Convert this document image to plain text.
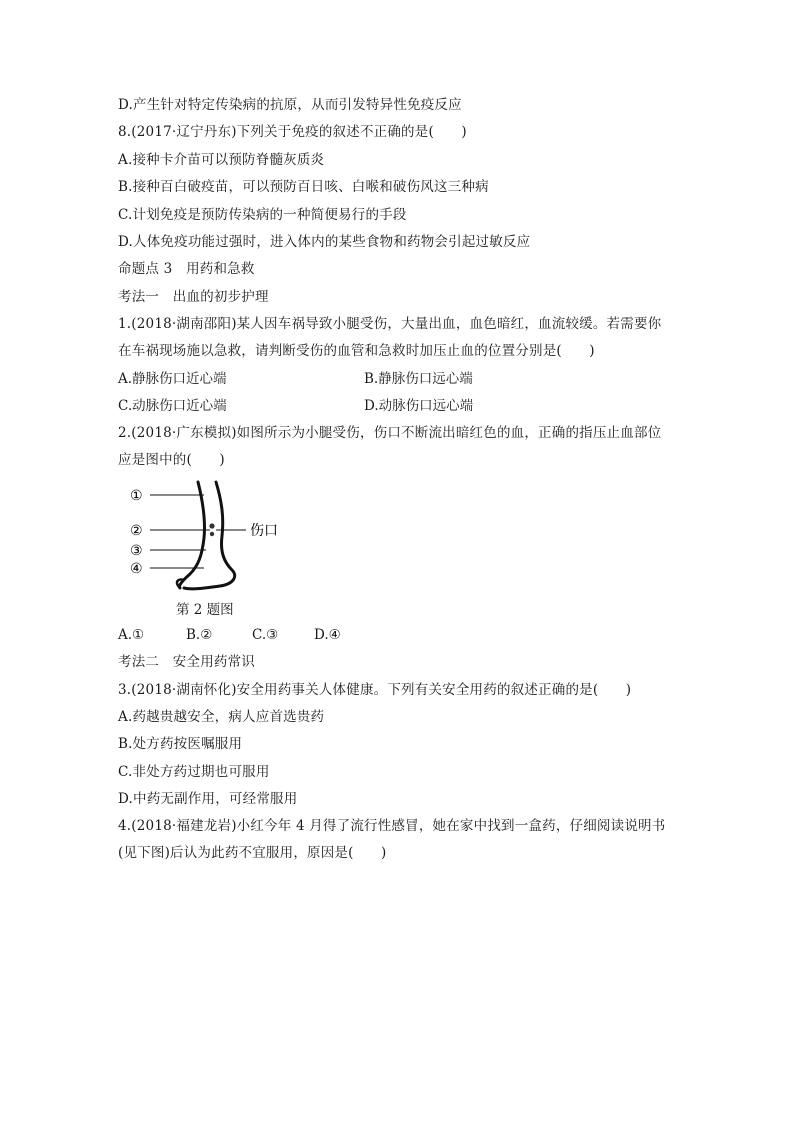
D.产生针对特定传染病的抗原，从而引发特异性免疫反应
8.(2017·辽宁丹东)下列关于免疫的叙述不正确的是(　　)
A.接种卡介苗可以预防脊髓灰质炎
B.接种百白破疫苗，可以预防百日咳、白喉和破伤风这三种病
C.计划免疫是预防传染病的一种简便易行的手段
D.人体免疫功能过强时，进入体内的某些食物和药物会引起过敏反应
命题点 3　用药和急救
考法一　出血的初步护理
1.(2018·湖南邵阳)某人因车祸导致小腿受伤，大量出血，血色暗红，血流较缓。若需要你
在车祸现场施以急救，请判断受伤的血管和急救时加压止血的位置分别是(　　)
A.静脉伤口近心端	B.静脉伤口远心端
C.动脉伤口近心端	D.动脉伤口远心端
2.(2018·广东模拟)如图所示为小腿受伤，伤口不断流出暗红色的血，正确的指压止血部位
应是图中的(　　)
①
②
③
④
伤口
第 2 题图
A.①	B.②	C.③	D.④
考法二　安全用药常识
3.(2018·湖南怀化)安全用药事关人体健康。下列有关安全用药的叙述正确的是(　　)
A.药越贵越安全，病人应首选贵药
B.处方药按医嘱服用
C.非处方药过期也可服用
D.中药无副作用，可经常服用
4.(2018·福建龙岩)小红今年 4 月得了流行性感冒，她在家中找到一盒药，仔细阅读说明书
(见下图)后认为此药不宜服用，原因是(　　)
